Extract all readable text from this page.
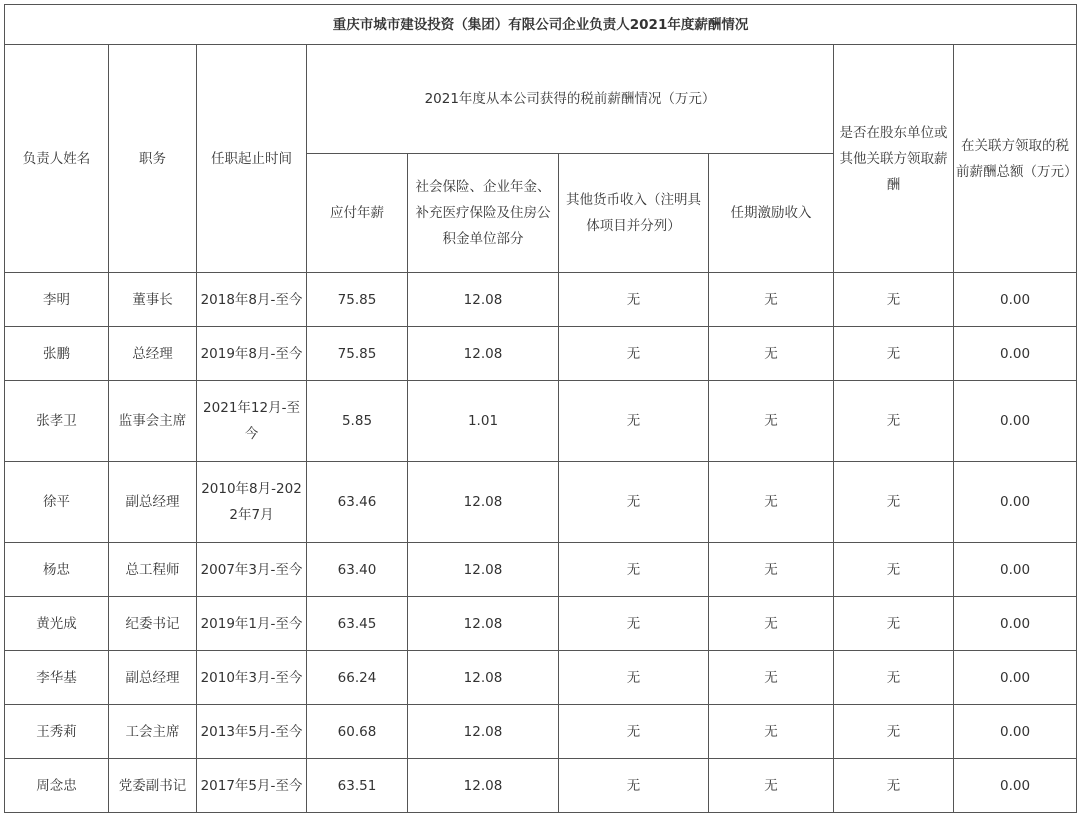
重庆市城市建设投资（集团）有限公司企业负责人2021年度薪酬情况								
负责人姓名	职务	任职起止时间	2021年度从本公司获得的税前薪酬情况（万元）				是否在股东单位或其他关联方领取薪酬	在关联方领取的税前薪酬总额（万元）
			应付年薪	社会保险、企业年金、补充医疗保险及住房公积金单位部分	其他货币收入（注明具体项目并分列）	任期激励收入		
李明	董事长	2018年8月-至今	75.85	12.08	无	无	无	0.00
张鹏	总经理	2019年8月-至今	75.85	12.08	无	无	无	0.00
张孝卫	监事会主席	2021年12月-至今	5.85	1.01	无	无	无	0.00
徐平	副总经理	2010年8月-2022年7月	63.46	12.08	无	无	无	0.00
杨忠	总工程师	2007年3月-至今	63.40	12.08	无	无	无	0.00
黄光成	纪委书记	2019年1月-至今	63.45	12.08	无	无	无	0.00
李华基	副总经理	2010年3月-至今	66.24	12.08	无	无	无	0.00
王秀莉	工会主席	2013年5月-至今	60.68	12.08	无	无	无	0.00
周念忠	党委副书记	2017年5月-至今	63.51	12.08	无	无	无	0.00
